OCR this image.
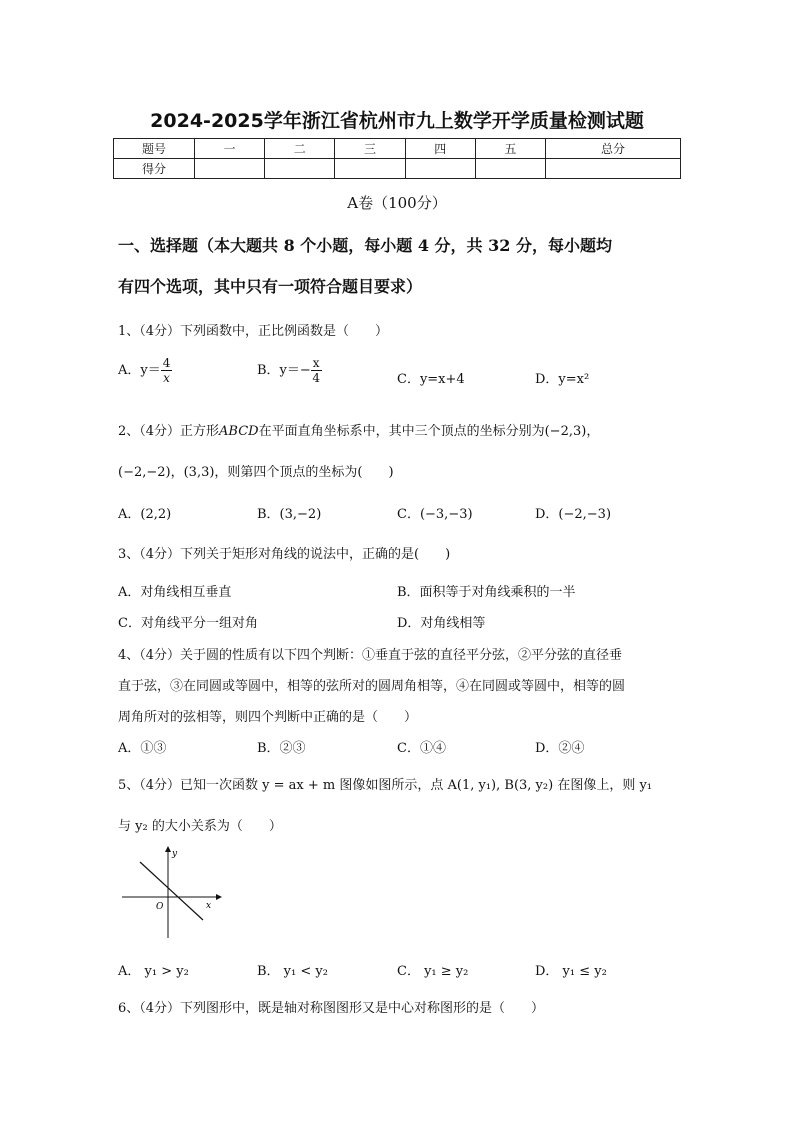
2024-2025学年浙江省杭州市九上数学开学质量检测试题
题号	一	二	三	四	五	总分
得分						
A卷（100分）
一、选择题（本大题共 8 个小题，每小题 4 分，共 32 分，每小题均
有四个选项，其中只有一项符合题目要求）
1、（4分）下列函数中，正比例函数是（　　）
A．$y= \frac{4}{x}$	B．$y=- \frac{x}{4}$	C．y=x+4	D．y=x²
2、（4分）正方形ABCD在平面直角坐标系中，其中三个顶点的坐标分别为(−2,3)，
(−2,−2)，(3,3)，则第四个顶点的坐标为(　　)
A．(2,2)	B．(3,−2)	C．(−3,−3)	D．(−2,−3)
3、（4分）下列关于矩形对角线的说法中，正确的是(　　)
A．对角线相互垂直	B．面积等于对角线乘积的一半
C．对角线平分一组对角	D．对角线相等
4、（4分）关于圆的性质有以下四个判断：①垂直于弦的直径平分弦，②平分弦的直径垂
直于弦，③在同圆或等圆中，相等的弦所对的圆周角相等，④在同圆或等圆中，相等的圆
周角所对的弦相等，则四个判断中正确的是（　　）
A．①③	B．②③	C．①④	D．②④
5、（4分）已知一次函数 y = ax + m 图像如图所示，点 A(1, y₁), B(3, y₂) 在图像上，则 y₁
与 y₂ 的大小关系为（　　）
y
x
O
A． y₁ > y₂	B． y₁ < y₂	C． y₁ ≥ y₂	D． y₁ ≤ y₂
6、（4分）下列图形中，既是轴对称图图形又是中心对称图形的是（　　）
